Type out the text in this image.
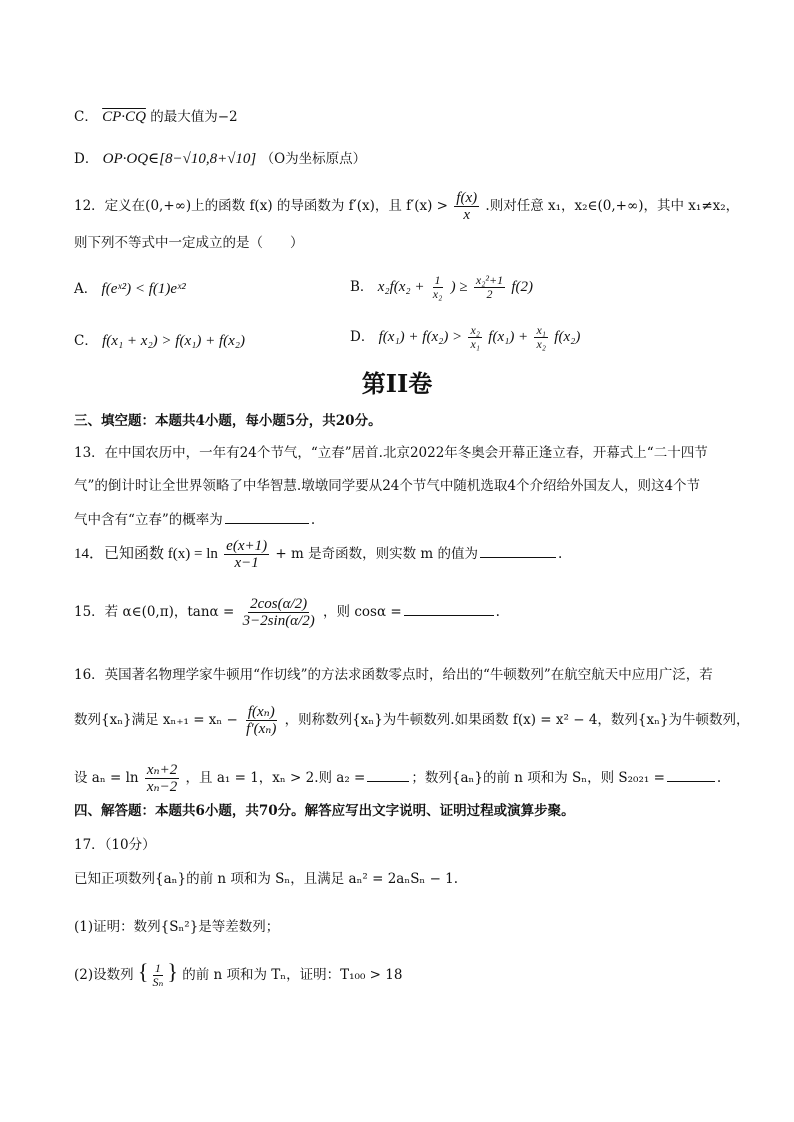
C． CP·CQ 的最大值为−2
D． OP·OQ∈[8−√10,8+√10] （O为坐标原点）
12．定义在(0,+∞)上的函数 f(x) 的导函数为 f′(x)，且 $f'(x) > \frac{f(x)}{x}$ .则对任意 x₁，x₂∈(0,+∞)，其中 x₁≠x₂，
则下列不等式中一定成立的是（　　）
A． f(eˣ²) < f(1)eˣ²	B． $x_2f(x_2 + \frac{1}{\text{x₂}}$ ) ≥ $\frac{\text{x₂²+1}}{2} f(2)$
C． f(x₁ + x₂) > f(x₁) + f(x₂)	D． $f(x_1) + f(x_2) > \frac{\text{x₂}}{\text{x₁}} f(x_1) + \frac{\text{x₁}}{\text{x₂}} f(x_2)$
第II卷
三、填空题：本题共4小题，每小题5分，共20分。
13．在中国农历中，一年有24个节气，“立春”居首.北京2022年冬奥会开幕正逢立春，开幕式上“二十四节
气”的倒计时让全世界领略了中华智慧.墩墩同学要从24个节气中随机选取4个介绍给外国友人，则这4个节
气中含有“立春”的概率为	.
14．已知函数 $f(x) = \ln \frac{e(x+1)}{x-1} + m$ 是奇函数，则实数 m 的值为	.
15．若 α∈(0,π)，$\tan\alpha = \frac{2\cos(\alpha/2)}{3-2\sin(\alpha/2)}$ ，则 cosα =	.
16．英国著名物理学家牛顿用“作切线”的方法求函数零点时，给出的“牛顿数列”在航空航天中应用广泛，若
数列{xₙ}满足 $x_{n+1} = x_n - \frac{\text{f(xₙ)}}{\text{f′(xₙ)}}$ ，则称数列{xₙ}为牛顿数列.如果函数 f(x) = x² − 4，数列{xₙ}为牛顿数列，
设 $a_n = \ln \frac{\text{xₙ+2}}{\text{xₙ−2}}$ ，且 a₁ = 1，xₙ > 2.则 a₂ =	；数列{aₙ}的前 n 项和为 Sₙ，则 S₂₀₂₁ =	.
四、解答题：本题共6小题，共70分。解答应写出文字说明、证明过程或演算步聚。
17．（10分）
已知正项数列{aₙ}的前 n 项和为 Sₙ，且满足 aₙ² = 2aₙSₙ − 1.
(1)证明：数列{Sₙ²}是等差数列；
(2)设数列 { $\frac{1}{\text{Sₙ}}$ } 的前 n 项和为 Tₙ，证明：T₁₀₀ > 18
